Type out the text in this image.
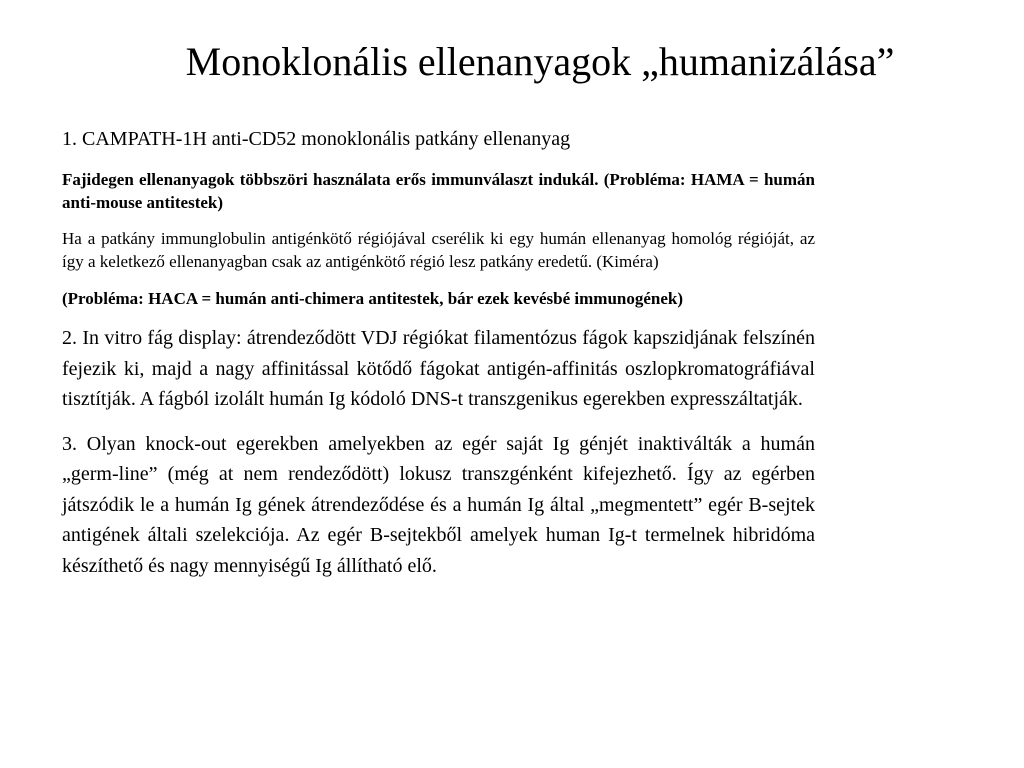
Monoklonális ellenanyagok „humanizálása”

1. CAMPATH-1H anti-CD52 monoklonális patkány ellenanyag

Fajidegen ellenanyagok többszöri használata erős immunválaszt indukál. (Probléma: HAMA = humán anti-mouse antitestek)

Ha a patkány immunglobulin antigénkötő régiójával cserélik ki egy humán ellenanyag homológ régióját, az így a keletkező ellenanyagban csak az antigénkötő régió lesz patkány eredetű. (Kiméra)

(Probléma: HACA = humán anti-chimera antitestek, bár ezek kevésbé immunogének)

2. In vitro fág display: átrendeződött VDJ régiókat filamentózus fágok kapszidjának felszínén fejezik ki, majd a nagy affinitással kötődő fágokat antigén-affinitás oszlopkromatográfiával tisztítják. A fágból izolált humán Ig kódoló DNS-t transzgenikus egerekben expresszáltatják.

3. Olyan knock-out egerekben amelyekben az egér saját Ig génjét inaktiválták a humán „germ-line” (még at nem rendeződött) lokusz transzgénként kifejezhető. Így az egérben játszódik le a humán Ig gének átrendeződése és a humán Ig által „megmentett” egér B-sejtek antigének általi szelekciója. Az egér B-sejtekből amelyek human Ig-t termelnek hibridóma készíthető és nagy mennyiségű Ig állítható elő.
